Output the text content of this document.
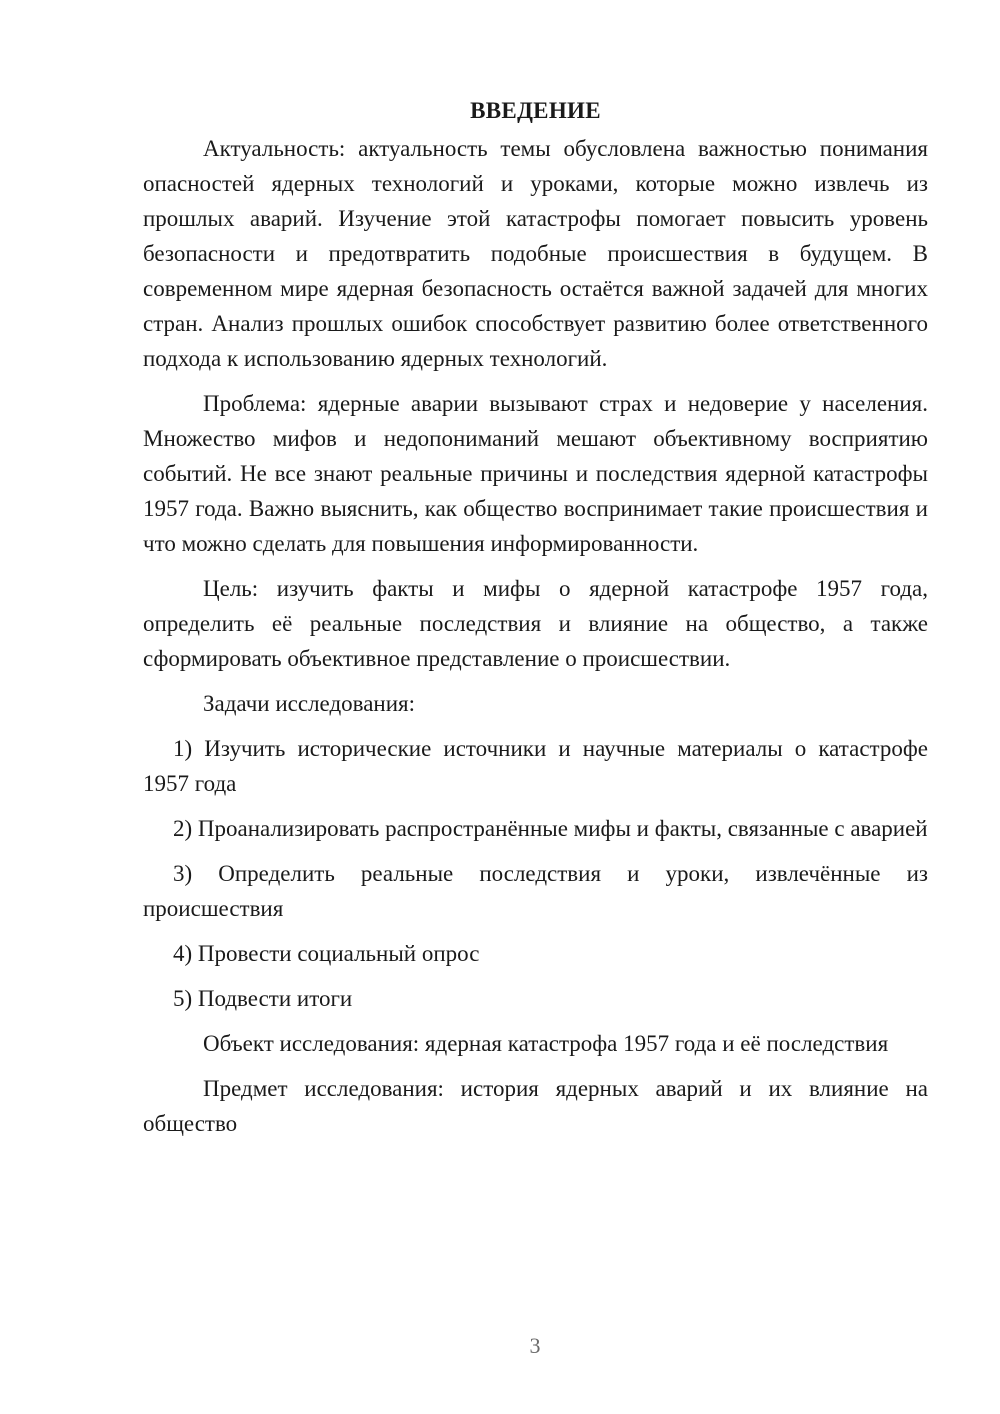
ВВЕДЕНИЕ

Актуальность: актуальность темы обусловлена важностью понимания опасностей ядерных технологий и уроками, которые можно извлечь из прошлых аварий. Изучение этой катастрофы помогает повысить уровень безопасности и предотвратить подобные происшествия в будущем. В современном мире ядерная безопасность остаётся важной задачей для многих стран. Анализ прошлых ошибок способствует развитию более ответственного подхода к использованию ядерных технологий.

Проблема: ядерные аварии вызывают страх и недоверие у населения. Множество мифов и недопониманий мешают объективному восприятию событий. Не все знают реальные причины и последствия ядерной катастрофы 1957 года. Важно выяснить, как общество воспринимает такие происшествия и что можно сделать для повышения информированности.

Цель: изучить факты и мифы о ядерной катастрофе 1957 года, определить её реальные последствия и влияние на общество, а также сформировать объективное представление о происшествии.

Задачи исследования:

1) Изучить исторические источники и научные материалы о катастрофе 1957 года

2) Проанализировать распространённые мифы и факты, связанные с аварией

3) Определить реальные последствия и уроки, извлечённые из происшествия

4) Провести социальный опрос

5) Подвести итоги

Объект исследования: ядерная катастрофа 1957 года и её последствия

Предмет исследования: история ядерных аварий и их влияние на общество

3
